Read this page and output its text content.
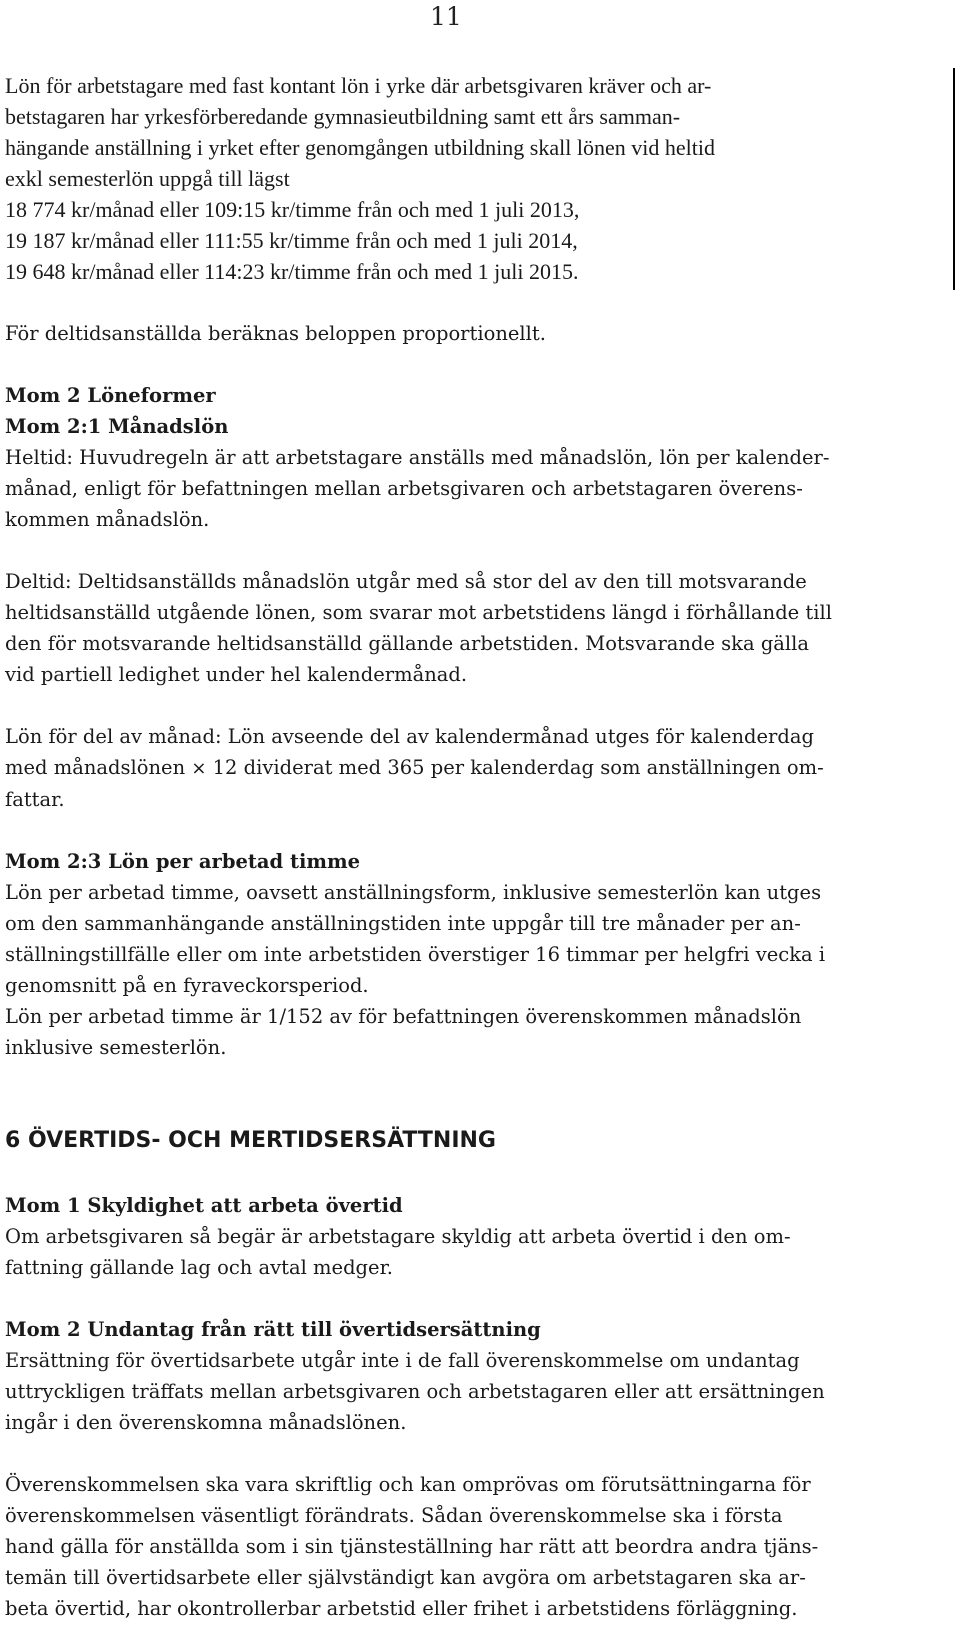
11

Lön för arbetstagare med fast kontant lön i yrke där arbetsgivaren kräver och ar-
betstagaren har yrkesförberedande gymnasieutbildning samt ett års samman-
hängande anställning i yrket efter genomgången utbildning skall lönen vid heltid
exkl semesterlön uppgå till lägst
18 774 kr/månad eller 109:15 kr/timme från och med 1 juli 2013,
19 187 kr/månad eller 111:55 kr/timme från och med 1 juli 2014,
19 648 kr/månad eller 114:23 kr/timme från och med 1 juli 2015.

För deltidsanställda beräknas beloppen proportionellt.

Mom 2 Löneformer
Mom 2:1 Månadslön

Heltid: Huvudregeln är att arbetstagare anställs med månadslön, lön per kalender-
månad, enligt för befattningen mellan arbetsgivaren och arbetstagaren överens-
kommen månadslön.

Deltid: Deltidsanställds månadslön utgår med så stor del av den till motsvarande
heltidsanställd utgående lönen, som svarar mot arbetstidens längd i förhållande till
den för motsvarande heltidsanställd gällande arbetstiden. Motsvarande ska gälla
vid partiell ledighet under hel kalendermånad.

Lön för del av månad: Lön avseende del av kalendermånad utges för kalenderdag
med månadslönen × 12 dividerat med 365 per kalenderdag som anställningen om-
fattar.

Mom 2:3 Lön per arbetad timme

Lön per arbetad timme, oavsett anställningsform, inklusive semesterlön kan utges
om den sammanhängande anställningstiden inte uppgår till tre månader per an-
ställningstillfälle eller om inte arbetstiden överstiger 16 timmar per helgfri vecka i
genomsnitt på en fyraveckorsperiod.
Lön per arbetad timme är 1/152 av för befattningen överenskommen månadslön
inklusive semesterlön.

6 ÖVERTIDS- OCH MERTIDSERSÄTTNING
Mom 1 Skyldighet att arbeta övertid

Om arbetsgivaren så begär är arbetstagare skyldig att arbeta övertid i den om-
fattning gällande lag och avtal medger.

Mom 2 Undantag från rätt till övertidsersättning

Ersättning för övertidsarbete utgår inte i de fall överenskommelse om undantag
uttryckligen träffats mellan arbetsgivaren och arbetstagaren eller att ersättningen
ingår i den överenskomna månadslönen.

Överenskommelsen ska vara skriftlig och kan omprövas om förutsättningarna för
överenskommelsen väsentligt förändrats. Sådan överenskommelse ska i första
hand gälla för anställda som i sin tjänsteställning har rätt att beordra andra tjäns-
temän till övertidsarbete eller självständigt kan avgöra om arbetstagaren ska ar-
beta övertid, har okontrollerbar arbetstid eller frihet i arbetstidens förläggning.
